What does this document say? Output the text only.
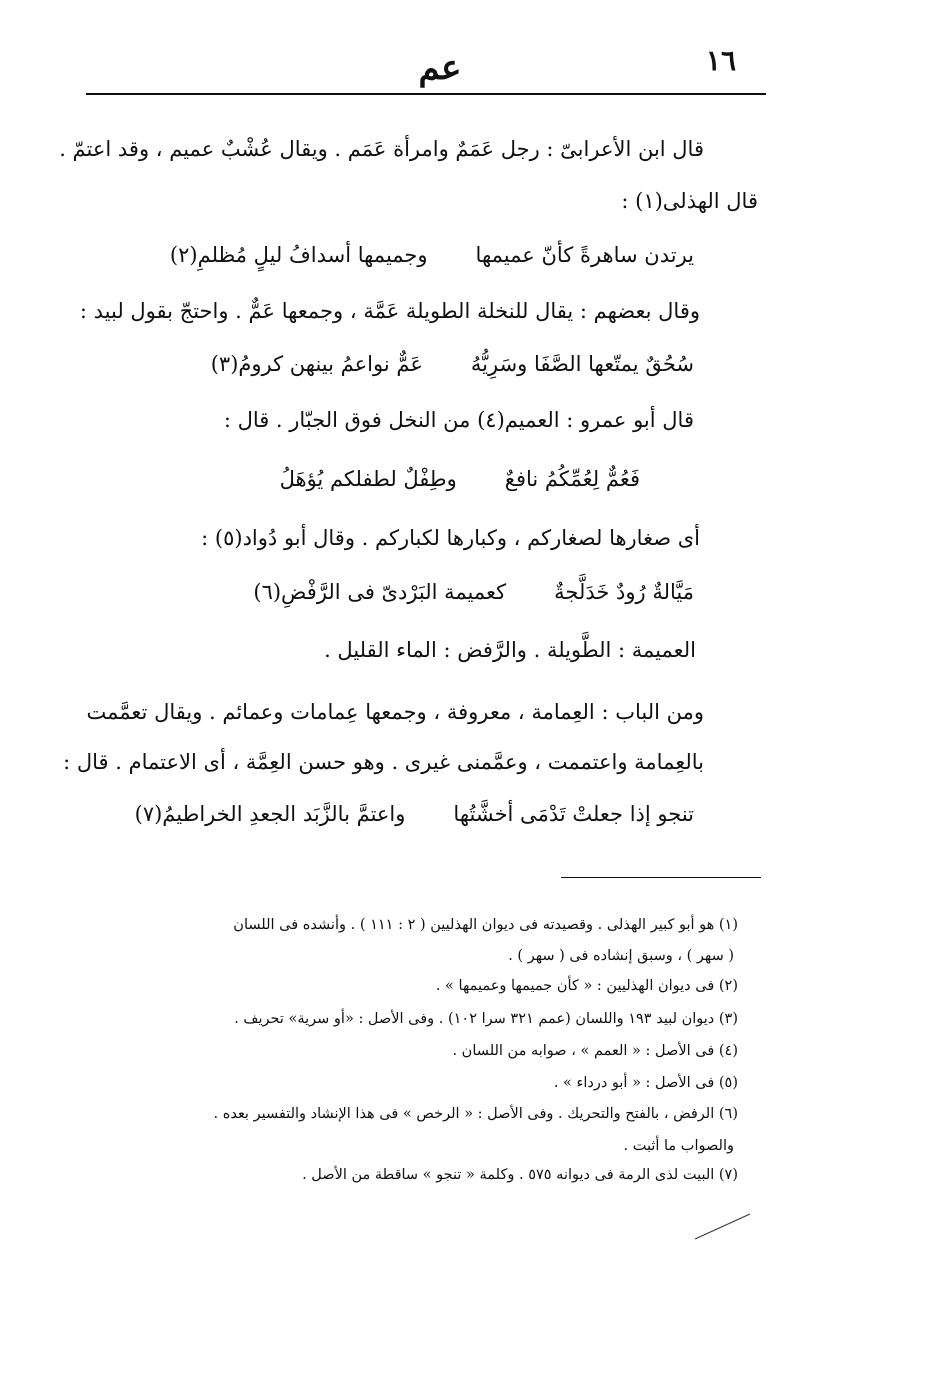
١٦
عم
قال ابن الأعرابىّ : رجل عَمَمٌ وامرأة عَمَم . ويقال عُشْبٌ عميم ، وقد اعتمّ .
قال الهذلى(١) :
يرتدن ساهرةً كأنّ عميمها
وجميمها أسدافُ ليلٍ مُظلمِ(٢)
وقال بعضهم : يقال للنخلة الطويلة عَمَّة ، وجمعها عَمٌّ . واحتجّ بقول لبيد :
سُحُقٌ يمتّعها الصَّفَا وسَرِيُّهُ
عَمٌّ نواعمُ بينهن كرومُ(٣)
قال أبو عمرو : العميم(٤) من النخل فوق الجبّار . قال :
فَعُمٌّ لِعُمِّكُمُ نافعٌ
وطِفْلٌ لطفلكم يُؤهَلُ
أى صغارها لصغاركم ، وكبارها لكباركم . وقال أبو دُواد(٥) :
مَيَّالةٌ رُودٌ خَدَلَّجةٌ
كعميمة البَرْدىّ فى الرَّفْضِ(٦)
العميمة : الطَّويلة . والرَّفض : الماء القليل .
ومن الباب : العِمامة ، معروفة ، وجمعها عِمامات وعمائم . ويقال تعمَّمت
بالعِمامة واعتممت ، وعمَّمنى غيرى . وهو حسن العِمَّة ، أى الاعتمام . قال :
تنجو إذا جعلتْ تَدْمَى أخشَّتُها
واعتمَّ بالزَّبَد الجعدِ الخراطيمُ(٧)
(١) هو أبو كبير الهذلى . وقصيدته فى ديوان الهذليين ( ٢ : ١١١ ) . وأنشده فى اللسان
( سهر ) ، وسبق إنشاده فى ( سهر ) .
(٢) فى ديوان الهذليين : « كأن جميمها وعميمها » .
(٣) ديوان لبيد ١٩٣ واللسان (عمم ٣٢١ سرا ١٠٢) . وفى الأصل : «أو سرية» تحريف .
(٤) فى الأصل : « العمم » ، صوابه من اللسان .
(٥) فى الأصل : « أبو درداء » .
(٦) الرفض ، بالفتح والتحريك . وفى الأصل : « الرخص » فى هذا الإنشاد والتفسير بعده .
والصواب ما أثبت .
(٧) البيت لذى الرمة فى ديوانه ٥٧٥ . وكلمة « تنجو » ساقطة من الأصل .
